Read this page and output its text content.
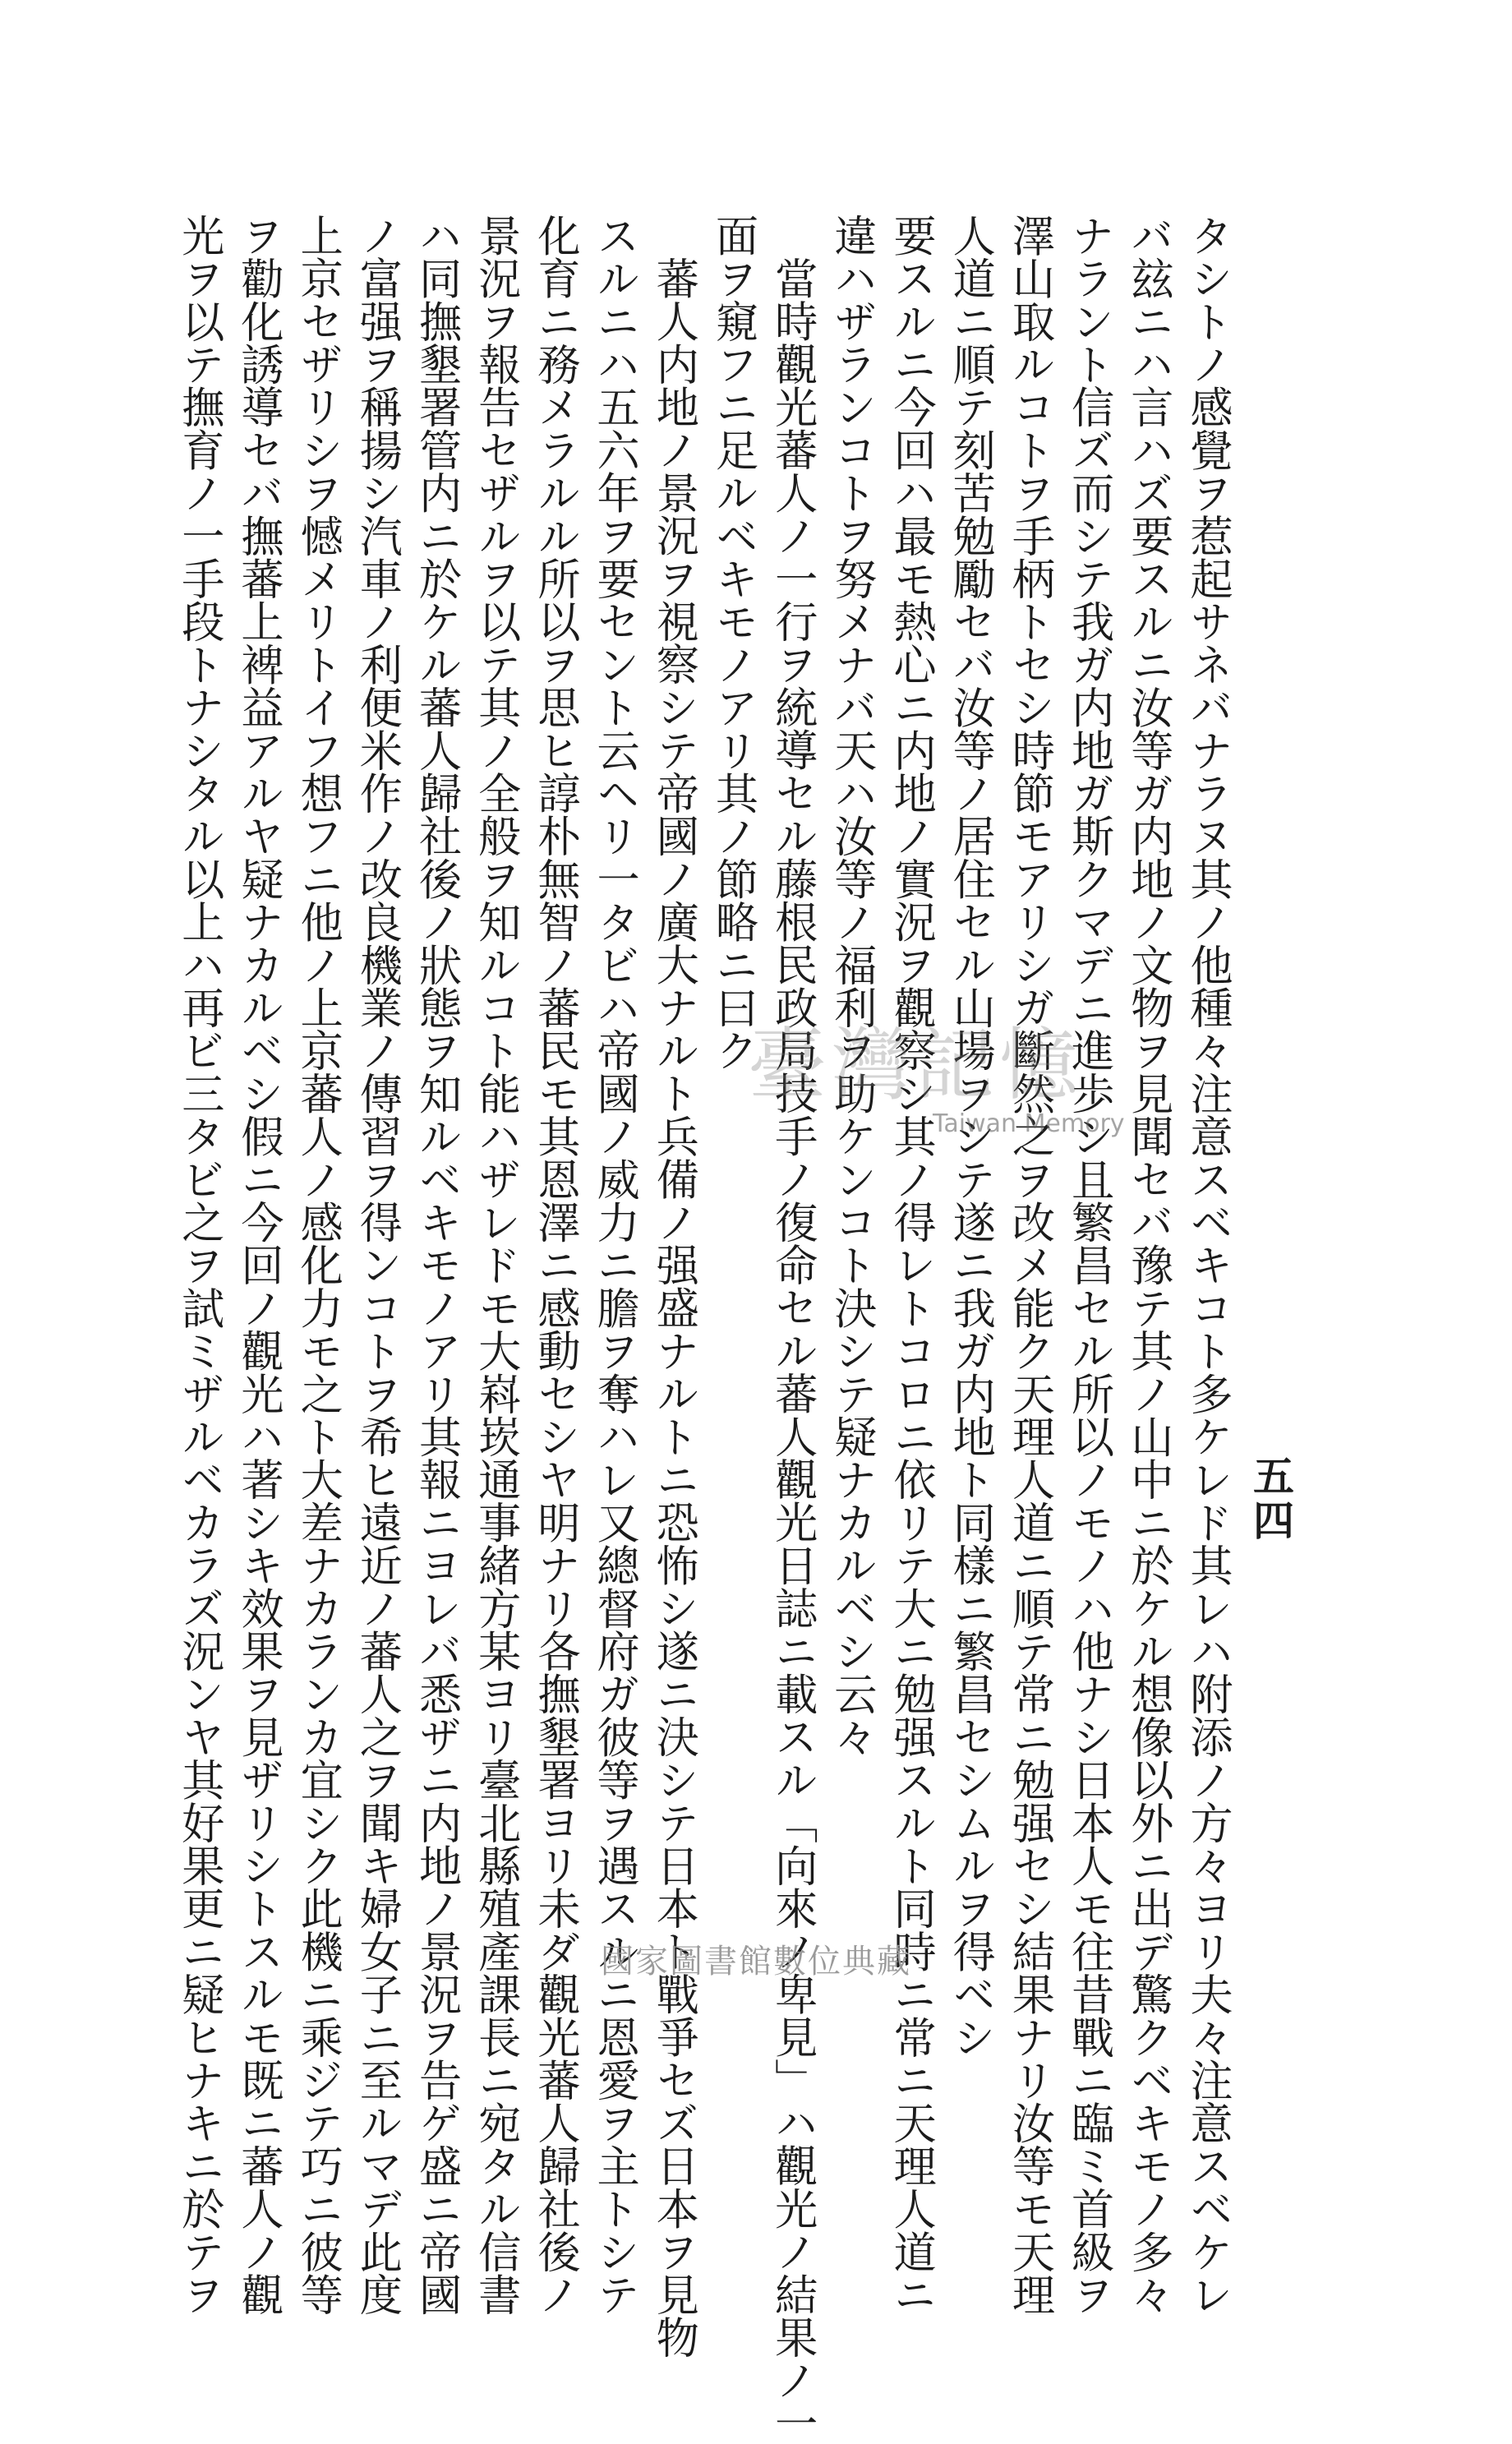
五四
タシトノ感覺ヲ惹起サネバナラヌ其ノ他種々注意スベキコト多ケレド其レハ附添ノ方々ヨリ夫々注意スベケレ
バ玆ニハ言ハズ要スルニ汝等ガ内地ノ文物ヲ見聞セバ豫テ其ノ山中ニ於ケル想像以外ニ出デ驚クベキモノ多々
ナラント信ズ而シテ我ガ内地ガ斯クマデニ進歩シ且繁昌セル所以ノモノハ他ナシ日本人モ往昔戰ニ臨ミ首級ヲ
澤山取ルコトヲ手柄トセシ時節モアリシガ斷然之ヲ改メ能ク天理人道ニ順テ常ニ勉强セシ結果ナリ汝等モ天理
人道ニ順テ刻苦勉勵セバ汝等ノ居住セル山場ヲシテ遂ニ我ガ内地ト同樣ニ繁昌セシムルヲ得ベシ
要スルニ今回ハ最モ熱心ニ内地ノ實況ヲ觀察シ其ノ得レトコロニ依リテ大ニ勉强スルト同時ニ常ニ天理人道ニ
違ハザランコトヲ努メナバ天ハ汝等ノ福利ヲ助ケンコト決シテ疑ナカルベシ云々
當時觀光蕃人ノ一行ヲ統導セル藤根民政局技手ノ復命セル蕃人觀光日誌ニ載スル「向來ノ卑見」ハ觀光ノ結果ノ一
面ヲ窺フニ足ルベキモノアリ其ノ節略ニ曰ク
蕃人内地ノ景況ヲ視察シテ帝國ノ廣大ナルト兵備ノ强盛ナルトニ恐怖シ遂ニ決シテ日本ト戰爭セズ日本ヲ見物
スルニハ五六年ヲ要セント云ヘリ一タビハ帝國ノ威力ニ膽ヲ奪ハレ又總督府ガ彼等ヲ遇スルニ恩愛ヲ主トシテ
化育ニ務メラルル所以ヲ思ヒ諄朴無智ノ蕃民モ其恩澤ニ感動セシヤ明ナリ各撫墾署ヨリ未ダ觀光蕃人歸社後ノ
景況ヲ報告セザルヲ以テ其ノ全般ヲ知ルコト能ハザレドモ大嵙崁通事緒方某ヨリ臺北縣殖產課長ニ宛タル信書
ハ同撫墾署管内ニ於ケル蕃人歸社後ノ狀態ヲ知ルベキモノアリ其報ニヨレバ悉ザニ内地ノ景況ヲ告ゲ盛ニ帝國
ノ富强ヲ稱揚シ汽車ノ利便米作ノ改良機業ノ傳習ヲ得ンコトヲ希ヒ遠近ノ蕃人之ヲ聞キ婦女子ニ至ルマデ此度
上京セザリシヲ憾メリトイフ想フニ他ノ上京蕃人ノ感化力モ之ト大差ナカランカ宜シク此機ニ乘ジテ巧ニ彼等
ヲ勸化誘導セバ撫蕃上裨益アルヤ疑ナカルベシ假ニ今回ノ觀光ハ著シキ效果ヲ見ザリシトスルモ既ニ蕃人ノ觀
光ヲ以テ撫育ノ一手段トナシタル以上ハ再ビ三タビ之ヲ試ミザルベカラズ況ンヤ其好果更ニ疑ヒナキニ於テヲ	臺灣記憶
Taiwan Memory
國家圖書館數位典藏
